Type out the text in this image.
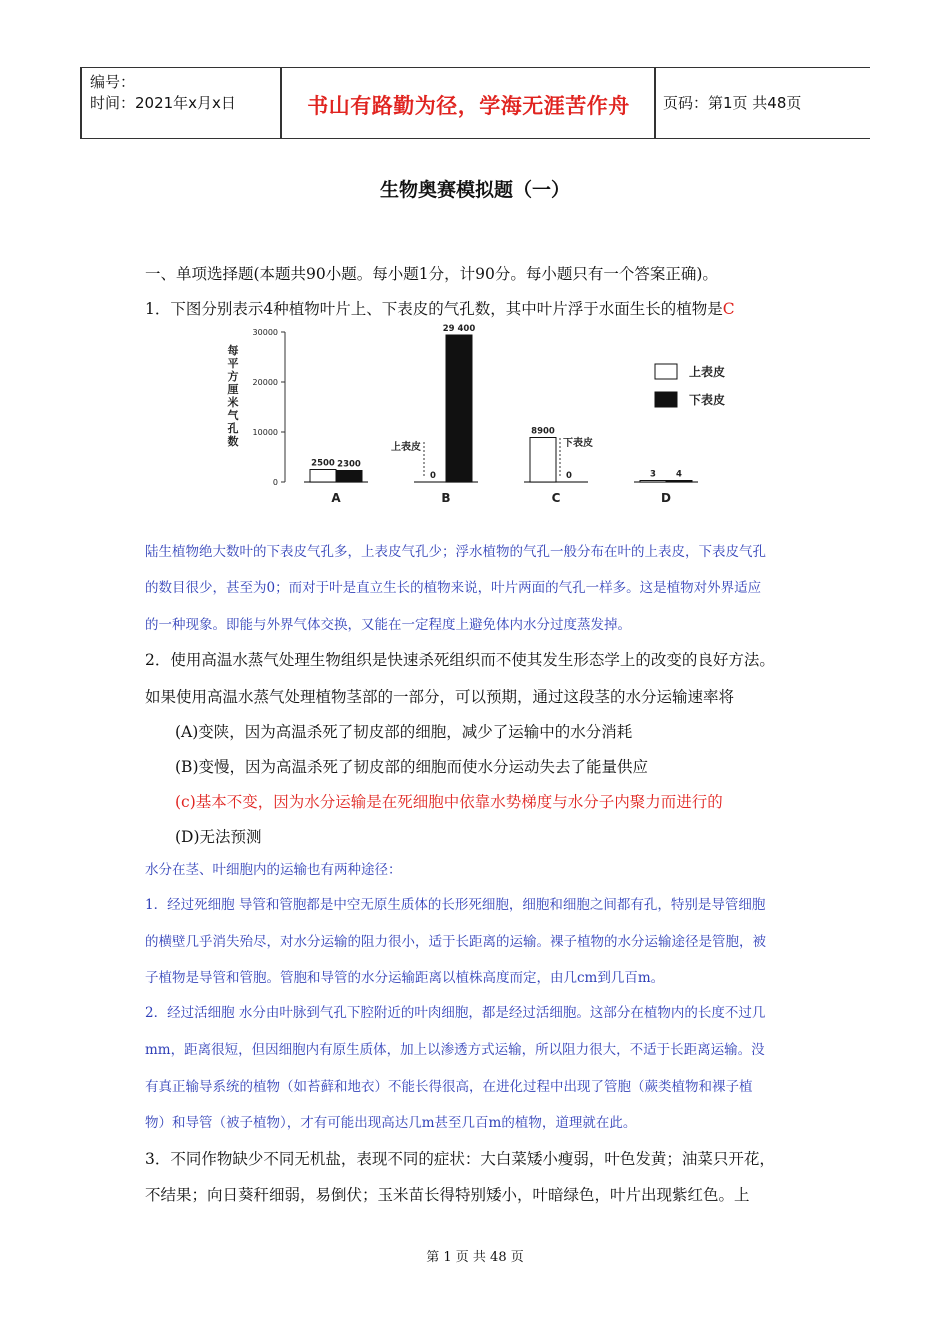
编号：
时间：2021年x月x日	书山有路勤为径，学海无涯苦作舟	页码：第1页 共48页
生物奥赛模拟题（一）
一、单项选择题(本题共90小题。每小题1分，计90分。每小题只有一个答案正确)。
1．下图分别表示4种植物叶片上、下表皮的气孔数，其中叶片浮于水面生长的植物是C
0
10000
20000
30000
每
平
方
厘
米
气
孔
数
A
2500 2300
B
0
29 400
C
8900
0
D
3 4
上表皮	下表皮
上表皮
下表皮
陆生植物绝大数叶的下表皮气孔多，上表皮气孔少；浮水植物的气孔一般分布在叶的上表皮，下表皮气孔
的数目很少，甚至为0；而对于叶是直立生长的植物来说，叶片两面的气孔一样多。这是植物对外界适应
的一种现象。即能与外界气体交换，又能在一定程度上避免体内水分过度蒸发掉。
2．使用高温水蒸气处理生物组织是快速杀死组织而不使其发生形态学上的改变的良好方法。
如果使用高温水蒸气处理植物茎部的一部分，可以预期，通过这段茎的水分运输速率将
(A)变陕，因为高温杀死了韧皮部的细胞，减少了运输中的水分消耗
(B)变慢，因为高温杀死了韧皮部的细胞而使水分运动失去了能量供应
(c)基本不变，因为水分运输是在死细胞中依靠水势梯度与水分子内聚力而进行的
(D)无法预测
水分在茎、叶细胞内的运输也有两种途径：
1．经过死细胞 导管和管胞都是中空无原生质体的长形死细胞，细胞和细胞之间都有孔，特别是导管细胞
的横壁几乎消失殆尽，对水分运输的阻力很小，适于长距离的运输。裸子植物的水分运输途径是管胞，被
子植物是导管和管胞。管胞和导管的水分运输距离以植株高度而定，由几cm到几百m。
2．经过活细胞 水分由叶脉到气孔下腔附近的叶肉细胞，都是经过活细胞。这部分在植物内的长度不过几
mm，距离很短，但因细胞内有原生质体，加上以渗透方式运输，所以阻力很大，不适于长距离运输。没
有真正输导系统的植物（如苔藓和地衣）不能长得很高，在进化过程中出现了管胞（蕨类植物和裸子植
物）和导管（被子植物），才有可能出现高达几m甚至几百m的植物，道理就在此。
3．不同作物缺少不同无机盐，表现不同的症状：大白菜矮小瘦弱，叶色发黄；油菜只开花，
不结果；向日葵秆细弱，易倒伏；玉米苗长得特别矮小，叶暗绿色，叶片出现紫红色。上
第 1 页 共 48 页
